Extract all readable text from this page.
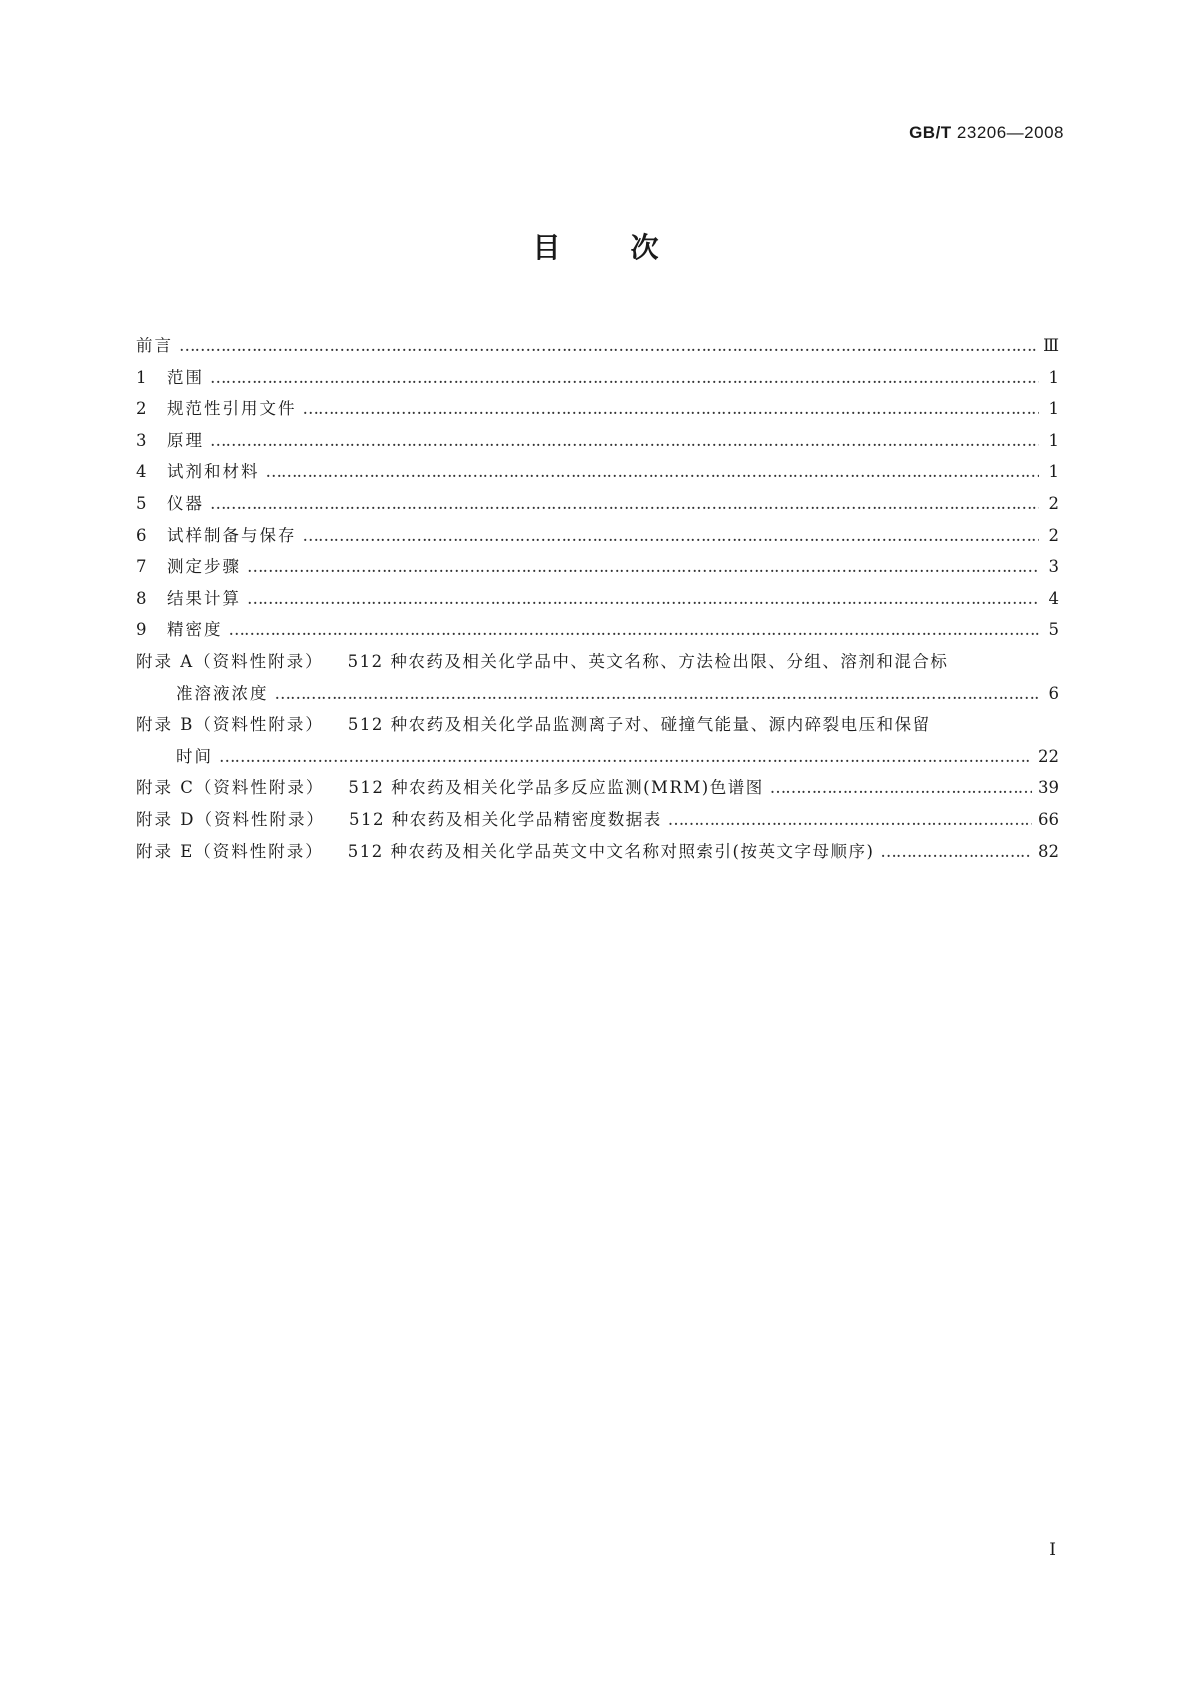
GB/T 23206—2008
目	次
前言 ………………………………………………………………………………………………………………………………………………………………………………………………………………………………………………	Ⅲ
1	范围 ………………………………………………………………………………………………………………………………………………………………………………………………………………………………………………	1
2	规范性引用文件 ………………………………………………………………………………………………………………………………………………………………………………………………………………………………………………	1
3	原理 ………………………………………………………………………………………………………………………………………………………………………………………………………………………………………………	1
4	试剂和材料 ………………………………………………………………………………………………………………………………………………………………………………………………………………………………………………	1
5	仪器 ………………………………………………………………………………………………………………………………………………………………………………………………………………………………………………	2
6	试样制备与保存 ………………………………………………………………………………………………………………………………………………………………………………………………………………………………………………	2
7	测定步骤 ………………………………………………………………………………………………………………………………………………………………………………………………………………………………………………	3
8	结果计算 ………………………………………………………………………………………………………………………………………………………………………………………………………………………………………………	4
9	精密度 ………………………………………………………………………………………………………………………………………………………………………………………………………………………………………………	5
附录 A（资料性附录） 512 种农药及相关化学品中、英文名称、方法检出限、分组、溶剂和混合标
准溶液浓度 ………………………………………………………………………………………………………………………………………………………………………………………………………………………………………………	6
附录 B（资料性附录） 512 种农药及相关化学品监测离子对、碰撞气能量、源内碎裂电压和保留
时间 ………………………………………………………………………………………………………………………………………………………………………………………………………………………………………………	22
附录 C（资料性附录） 512 种农药及相关化学品多反应监测(MRM)色谱图 ………………………………………………………………………………………………………………………………………………………………………………………………………………………………………………	39
附录 D（资料性附录） 512 种农药及相关化学品精密度数据表 ………………………………………………………………………………………………………………………………………………………………………………………………………………………………………………	66
附录 E（资料性附录） 512 种农药及相关化学品英文中文名称对照索引(按英文字母顺序) ………………………………………………………………………………………………………………………………………………………………………………………………………………………………………………	82
Ⅰ
